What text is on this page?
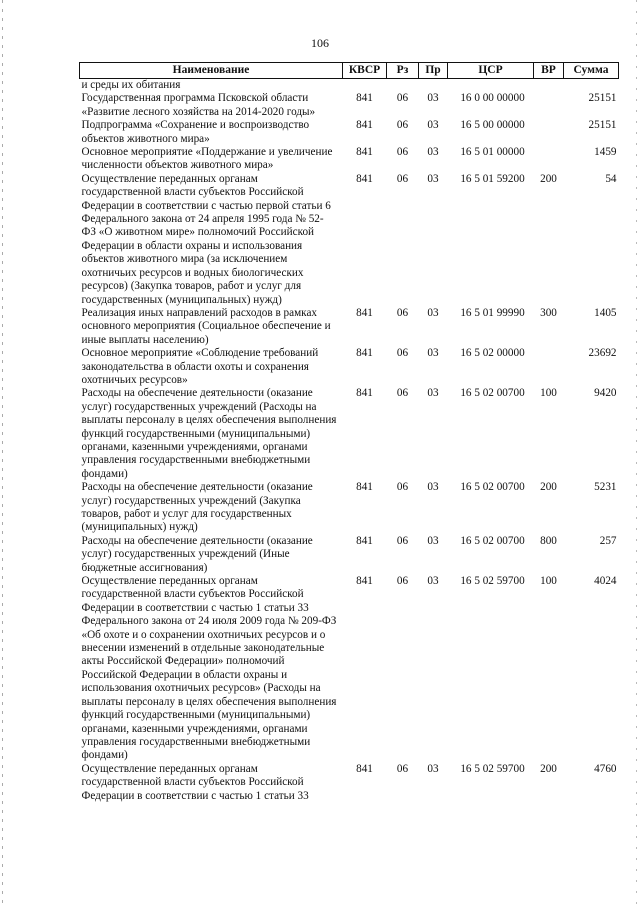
106
Наименование	КВСР	Рз	Пр	ЦСР	ВР	Сумма
и среды их обитания						
Государственная программа Псковской области «Развитие лесного хозяйства на 2014-2020 годы»	841	06	03	16 0 00 00000		25151
Подпрограмма «Сохранение и воспроизводство объектов животного мира»	841	06	03	16 5 00 00000		25151
Основное мероприятие «Поддержание и увеличение численности объектов животного мира»	841	06	03	16 5 01 00000		1459
Осуществление переданных органам государственной власти субъектов Российской Федерации в соответствии с частью первой статьи 6 Федерального закона от 24 апреля 1995 года № 52-ФЗ «О животном мире» полномочий Российской Федерации в области охраны и использования объектов животного мира (за исключением охотничьих ресурсов и водных биологических ресурсов) (Закупка товаров, работ и услуг для государственных (муниципальных) нужд)	841	06	03	16 5 01 59200	200	54
Реализация иных направлений расходов в рамках основного мероприятия (Социальное обеспечение и иные выплаты населению)	841	06	03	16 5 01 99990	300	1405
Основное мероприятие «Соблюдение требований законодательства в области охоты и сохранения охотничьих ресурсов»	841	06	03	16 5 02 00000		23692
Расходы на обеспечение деятельности (оказание услуг) государственных учреждений (Расходы на выплаты персоналу в целях обеспечения выполнения функций государственными (муниципальными) органами, казенными учреждениями, органами управления государственными внебюджетными фондами)	841	06	03	16 5 02 00700	100	9420
Расходы на обеспечение деятельности (оказание услуг) государственных учреждений (Закупка товаров, работ и услуг для государственных (муниципальных) нужд)	841	06	03	16 5 02 00700	200	5231
Расходы на обеспечение деятельности (оказание услуг) государственных учреждений (Иные бюджетные ассигнования)	841	06	03	16 5 02 00700	800	257
Осуществление переданных органам государственной власти субъектов Российской Федерации в соответствии с частью 1 статьи 33 Федерального закона от 24 июля 2009 года № 209-ФЗ «Об охоте и о сохранении охотничьих ресурсов и о внесении изменений в отдельные законодательные акты Российской Федерации» полномочий Российской Федерации в области охраны и использования охотничьих ресурсов» (Расходы на выплаты персоналу в целях обеспечения выполнения функций государственными (муниципальными) органами, казенными учреждениями, органами управления государственными внебюджетными фондами)	841	06	03	16 5 02 59700	100	4024
Осуществление переданных органам государственной власти субъектов Российской Федерации в соответствии с частью 1 статьи 33	841	06	03	16 5 02 59700	200	4760
